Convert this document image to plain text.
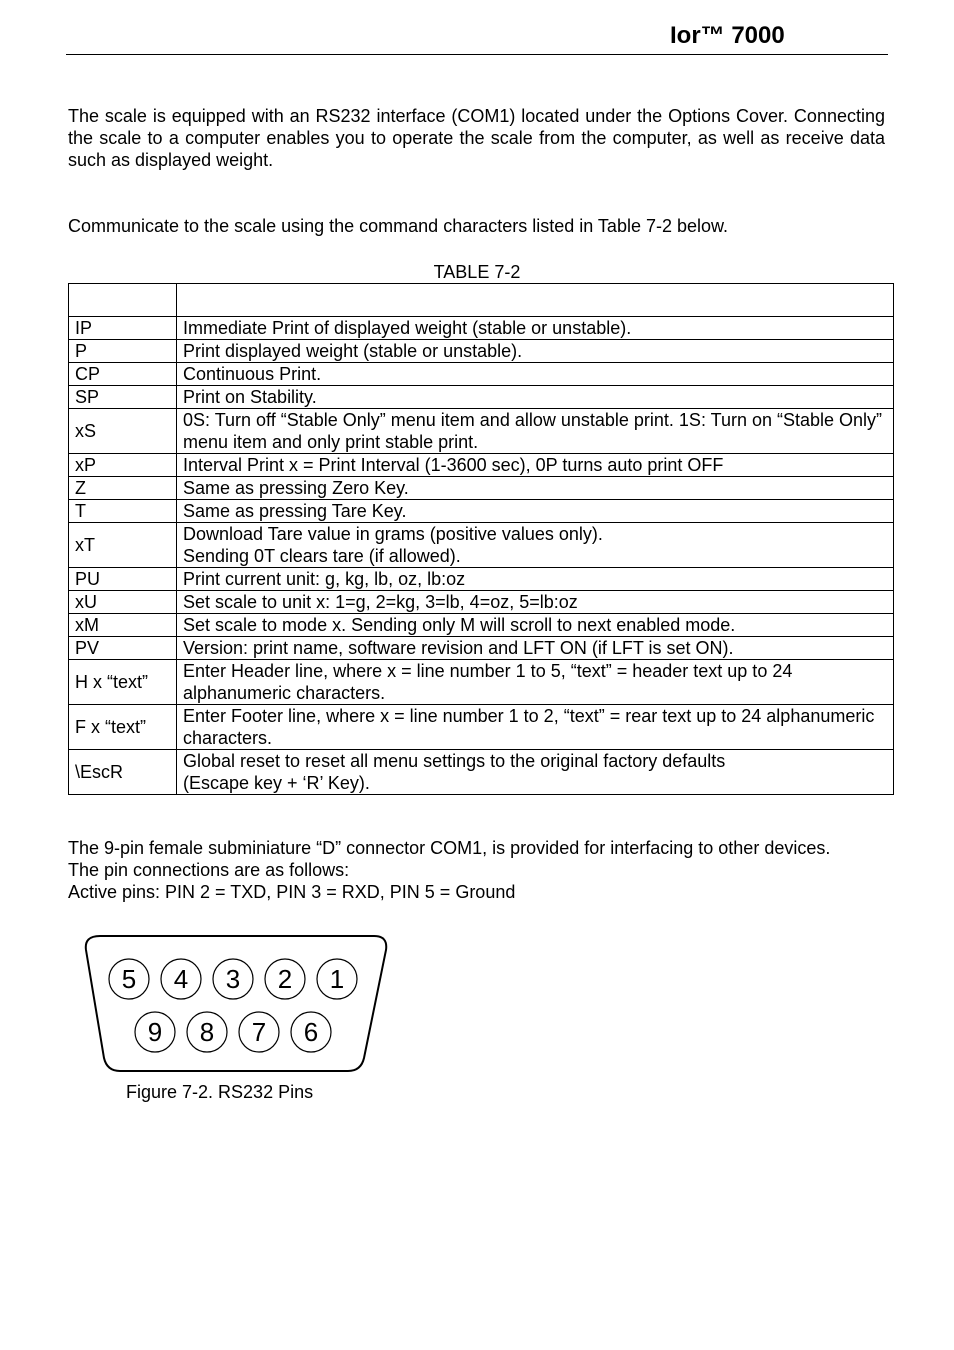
Ior™ 7000
The scale is equipped with an RS232 interface (COM1) located under the Options Cover. Connecting the scale to a computer enables you to operate the scale from the computer, as well as receive data such as displayed weight.
Communicate to the scale using the command characters listed in Table 7-2 below.
TABLE 7-2

IP	Immediate Print of displayed weight (stable or unstable).
P	Print displayed weight (stable or unstable).
CP	Continuous Print.
SP	Print on Stability.
xS	0S: Turn off “Stable Only” menu item and allow unstable print. 1S: Turn on “Stable Only” menu item and only print stable print.
xP	Interval Print x = Print Interval (1-3600 sec), 0P turns auto print OFF
Z	Same as pressing Zero Key.
T	Same as pressing Tare Key.
xT	Download Tare value in grams (positive values only).
Sending 0T clears tare (if allowed).
PU	Print current unit: g, kg, lb, oz, lb:oz
xU	Set scale to unit x: 1=g, 2=kg, 3=lb, 4=oz, 5=lb:oz
xM	Set scale to mode x. Sending only M will scroll to next enabled mode.
PV	Version: print name, software revision and LFT ON (if LFT is set ON).
H x “text”	Enter Header line, where x = line number 1 to 5, “text” = header text up to 24 alphanumeric characters.
F x “text”	Enter Footer line, where x = line number 1 to 2, “text” = rear text up to 24 alphanumeric characters.
\EscR	Global reset to reset all menu settings to the original factory defaults
(Escape key + ‘R’ Key).
The 9-pin female subminiature “D” connector COM1, is provided for interfacing to other devices.
The pin connections are as follows:
Active pins: PIN 2 = TXD, PIN 3 = RXD, PIN 5 = Ground
5 4 3 2 1
9 8 7 6
Figure 7-2. RS232 Pins
